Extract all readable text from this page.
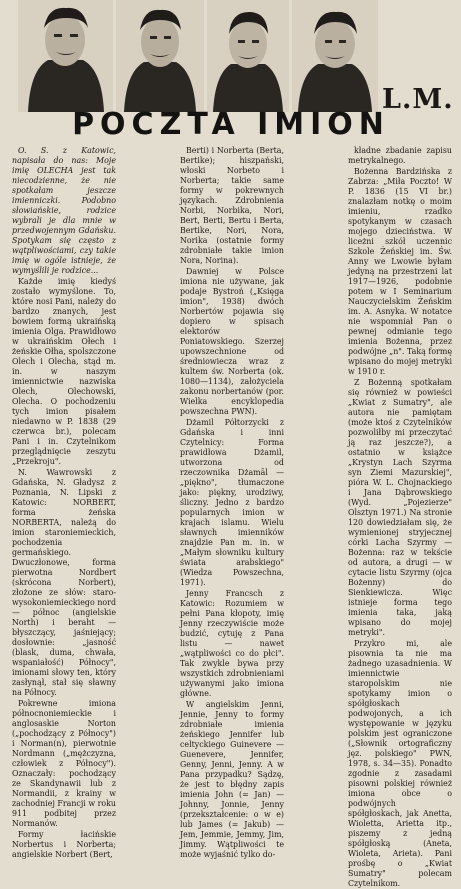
L.M.
POCZTA IMION

O. S. z Katowic, napisała do nas: Moje imię OLECHA jest tak niecodzienne, że nie spotkałam jeszcze imienniczki. Podobno słowiańskie, rodzice wybrali je dla mnie w przedwojennym Gdańsku. Spotykam się często z wątpliwościami, czy takie imię w ogóle istnieje, że wymyślili je rodzice...

Każde imię kiedyś zostało wymyślone. To, które nosi Pani, należy do bardzo znanych, jest bowiem formą ukraińską imienia Olga. Prawidłowo w ukraińskim Ołech i żeńskie Ołha, spolszczone Olech i Olecha, stąd m. in. w naszym imiennictwie nazwiska Olech, Olechowski, Olecha. O pochodzeniu tych imion pisałem niedawno w P. 1838 (29 czerwca br.), polecam Pani i in. Czytelnikom przeglądnięcie zeszytu „Przekroju".

N. Wawrowski z Gdańska, N. Gładysz z Poznania, N. Lipski z Katowic: NORBERT, forma żeńska NORBERTA, należą do imion staroniemieckich, pochodzenia germańskiego. Dwuczłonowe, forma pierwotna Nordbert (skrócona Norbert), złożone ze słów: staro-wysokoniemieckiego nord — północ (angielskie North) i beraht — błyszczący, jaśniejący; dosłownie: „jasność (blask, duma, chwała, wspaniałość) Północy", imionami słowy ten, który zasłynął, stał się sławny na Północy.

Pokrewne imiona północnoniemieckie i anglosaskie Norton („pochodzący z Północy") i Norman(n), pierwotnie Nordmann („mężczyzna, człowiek z Północy"). Oznaczały: pochodzący ze Skandynawii lub z Normandii, z krainy w zachodniej Francji w roku 911 podbitej przez Normanów.

Formy łacińskie Norbertus i Norberta; angielskie Norbert (Bert,

Berti) i Norberta (Berta, Bertike); hiszpański, włoski Norbeto i Norberta; takie same formy w pokrewnych językach. Zdrobnienia Norbi, Norbika, Nori, Bert, Berti, Bertu i Berta, Bertike, Nori, Nora, Norika (ostatnie formy zdrobniałe takie imion Nora, Norina).

Dawniej w Polsce imiona nie używane, jak podaje Bystroń („Księga imion", 1938) dwóch Norbertów pojawia się dopiero w spisach elektorów Poniatowskiego. Szerzej upowszechnione od średniowiecza wraz z kultem św. Norberta (ok. 1080—1134), założyciela zakonu norbertanów (por. Wielka encyklopedia powszechna PWN).

Dżamil Półtorzycki z Gdańska i inni Czytelnicy: Forma prawidłowa Dżamil, utworzona od rzeczownika Dżamāl — „piękno", tłumaczone jako: piękny, urodziwy, śliczny. Jedno z bardzo popularnych imion w krajach islamu. Wielu sławnych imienników znajdzie Pan m. in. w „Małym słowniku kultury świata arabskiego" (Wiedza Powszechna, 1971).

Jenny Francsch z Katowic: Rozumiem w pełni Pana kłopoty, imię Jenny rzeczywiście może budzić, cytuję z Pana listu — nawet „wątpliwości co do płci". Tak zwykle bywa przy wszystkich zdrobnieniami używanymi jako imiona główne.

W angielskim Jenni, Jennie, Jenny to formy zdrobniałe imienia żeńskiego Jennifer lub celtyckiego Guinevere — Guenevere, Jennifer, Genny, Jenni, Jenny. A w Pana przypadku? Sądzę, że jest to błędny zapis imienia John (= Jan) — Johnny, Jonnie, Jenny (przekształcenie: o w e) lub James (= Jakub) — Jem, Jemmie, Jemmy, Jim, Jimmy. Wątpliwości te może wyjaśnić tylko do-

kładne zbadanie zapisu metrykalnego.

Bożenna Bardzińska z Zabrza: „Miła Poczto! W P. 1836 (15 VI br.) znalazłam notkę o moim imieniu, rzadko spotykanym w czasach mojego dzieciństwa. W liceżni szkół uczennic Szkole Żeńskiej im. Św. Anny we Lwowie byłam jedyną na przestrzeni lat 1917—1926, podobnie potem w I Seminarium Nauczycielskim Żeńskim im. A. Asnyka. W notatce nie wspomniał Pan o pewnej odmianie tego imienia Bożenna, przez podwójne „n". Taką formę wpisano do mojej metryki w 1910 r.

Z Bożenną spotkałam się również w powieści „Kwiat z Sumatry", ale autora nie pamiętam (może ktoś z Czytelników pozwoliłby mi przeczytać ją raz jeszcze?), a ostatnio w książce „Krystyn Lach Szyrma syn Ziemi Mazurskiej", pióra W. L. Chojnackiego i Jana Dąbrowskiego (Wyd. „Pojezierze" Olsztyn 1971.) Na stronie 120 dowiedziałam się, że wymienionej stryjecznej córki Lacha Szyrmy — Bożenna: raz w tekście od autora, a drugi — w cytacie listu Szyrmy (ojca Bożenny) do Sienkiewicza. Więc istnieje forma tego imienia taka, jaką wpisano do mojej metryki".

Przykro mi, ale pisownia ta nie ma żadnego uzasadnienia. W imiennictwie staropolskim nie spotykamy imion o spółgłoskach podwojonych, a ich występowanie w języku polskim jest ograniczone („Słownik ortograficzny jęz. polskiego" PWN, 1978, s. 34—35). Ponadto zgodnie z zasadami pisowni polskiej również imiona obce o podwójnych spółgłoskach, jak Anetta, Wioletta, Arietta itp., piszemy z jedną spółgłoską (Aneta, Wioleta, Arieta). Pani prośbę o „Kwiat Sumatry" polecam Czytelnikom.
